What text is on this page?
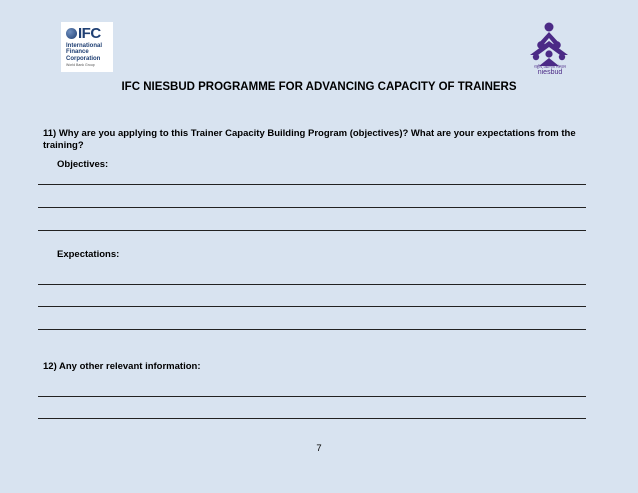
IFC
International
Finance
Corporation
World Bank Group	राष्ट्रीय उद्यमिता संस्थान
niesbud
IFC NIESBUD PROGRAMME FOR ADVANCING CAPACITY OF TRAINERS
11) Why are you applying to this Trainer Capacity Building Program (objectives)? What are your expectations from the training?
Objectives:
Expectations:
12) Any other relevant information:
7
